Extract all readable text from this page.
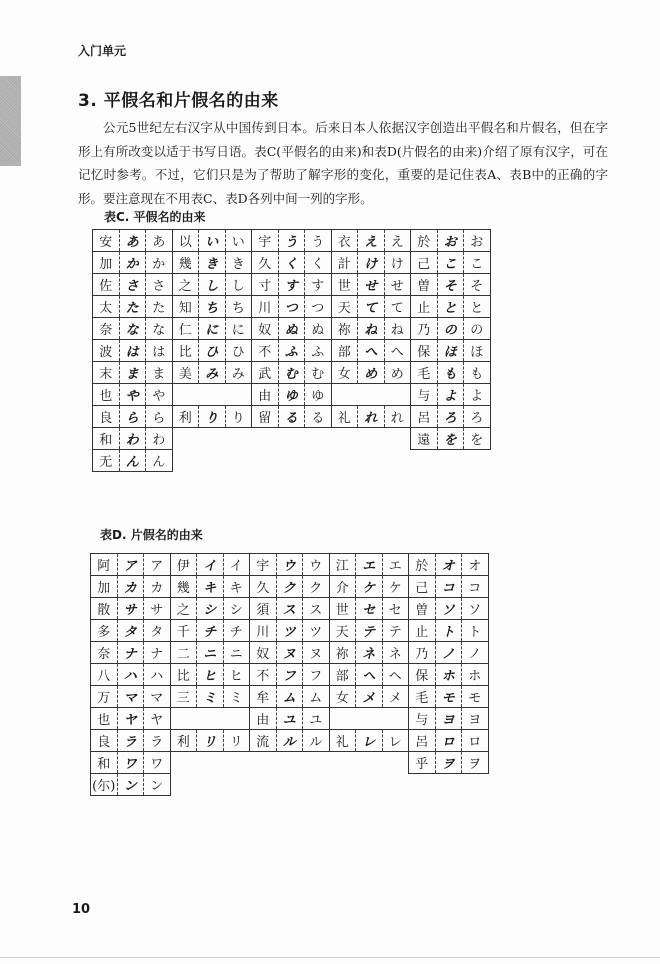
入门单元
3. 平假名和片假名的由来

公元5世纪左右汉字从中国传到日本。后来日本人依据汉字创造出平假名和片假名，但在字形上有所改变以适于书写日语。表C(平假名的由来)和表D(片假名的由来)介绍了原有汉字，可在记忆时参考。不过，它们只是为了帮助了解字形的变化，重要的是记住表A、表B中的正确的字形。要注意现在不用表C、表D各列中间一列的字形。

表C. 平假名的由来
安	あ	あ	以	い	い	宇	う	う	衣	え	え	於	お	お
加	か	か	幾	き	き	久	く	く	計	け	け	己	こ	こ
佐	さ	さ	之	し	し	寸	す	す	世	せ	せ	曽	そ	そ
太	た	た	知	ち	ち	川	つ	つ	天	て	て	止	と	と
奈	な	な	仁	に	に	奴	ぬ	ぬ	祢	ね	ね	乃	の	の
波	は	は	比	ひ	ひ	不	ふ	ふ	部	へ	へ	保	ほ	ほ
末	ま	ま	美	み	み	武	む	む	女	め	め	毛	も	も
也	や	や				由	ゆ	ゆ				与	よ	よ
良	ら	ら	利	り	り	留	る	る	礼	れ	れ	呂	ろ	ろ
和	わ	わ										遠	を	を
无	ん	ん												
表D. 片假名的由来
阿	ア	ア	伊	イ	イ	宇	ウ	ウ	江	エ	エ	於	オ	オ
加	カ	カ	幾	キ	キ	久	ク	ク	介	ケ	ケ	己	コ	コ
散	サ	サ	之	シ	シ	須	ス	ス	世	セ	セ	曽	ソ	ソ
多	タ	タ	千	チ	チ	川	ツ	ツ	天	テ	テ	止	ト	ト
奈	ナ	ナ	二	ニ	ニ	奴	ヌ	ヌ	祢	ネ	ネ	乃	ノ	ノ
八	ハ	ハ	比	ヒ	ヒ	不	フ	フ	部	ヘ	ヘ	保	ホ	ホ
万	マ	マ	三	ミ	ミ	牟	ム	ム	女	メ	メ	毛	モ	モ
也	ヤ	ヤ				由	ユ	ユ				与	ヨ	ヨ
良	ラ	ラ	利	リ	リ	流	ル	ル	礼	レ	レ	呂	ロ	ロ
和	ワ	ワ										乎	ヲ	ヲ
(尓)	ン	ン												
10
